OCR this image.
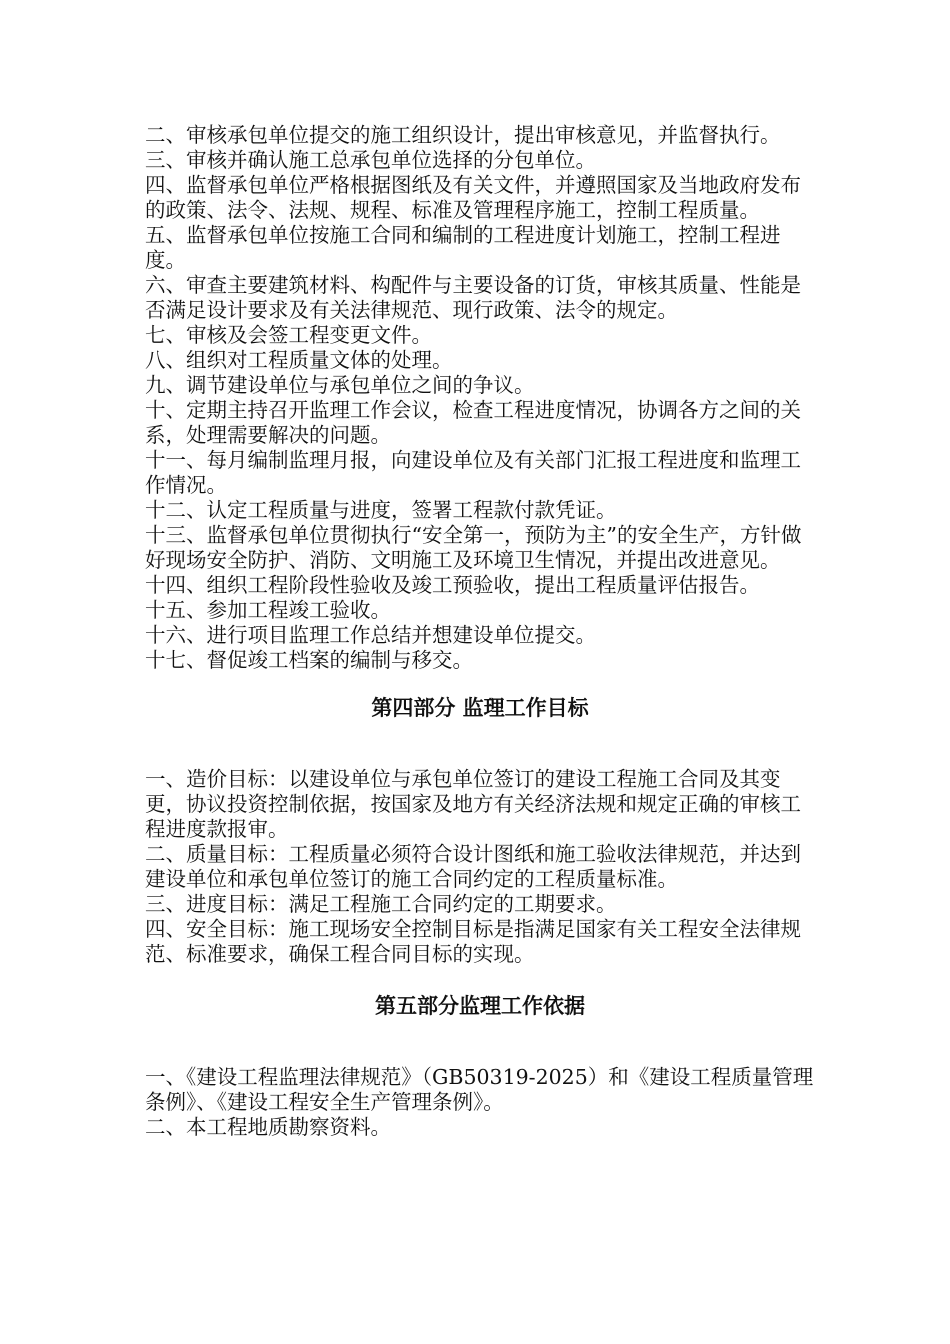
二、审核承包单位提交的施工组织设计，提出审核意见，并监督执行。

三、审核并确认施工总承包单位选择的分包单位。

四、监督承包单位严格根据图纸及有关文件，并遵照国家及当地政府发布的政策、法令、法规、规程、标准及管理程序施工，控制工程质量。

五、监督承包单位按施工合同和编制的工程进度计划施工，控制工程进度。

六、审查主要建筑材料、构配件与主要设备的订货，审核其质量、性能是否满足设计要求及有关法律规范、现行政策、法令的规定。

七、审核及会签工程变更文件。

八、组织对工程质量文体的处理。

九、调节建设单位与承包单位之间的争议。

十、定期主持召开监理工作会议，检查工程进度情况，协调各方之间的关系，处理需要解决的问题。

十一、每月编制监理月报，向建设单位及有关部门汇报工程进度和监理工作情况。

十二、认定工程质量与进度，签署工程款付款凭证。

十三、监督承包单位贯彻执行“安全第一，预防为主”的安全生产，方针做好现场安全防护、消防、文明施工及环境卫生情况，并提出改进意见。

十四、组织工程阶段性验收及竣工预验收，提出工程质量评估报告。

十五、参加工程竣工验收。

十六、进行项目监理工作总结并想建设单位提交。

十七、督促竣工档案的编制与移交。

第四部分 监理工作目标

一、造价目标：以建设单位与承包单位签订的建设工程施工合同及其变更，协议投资控制依据，按国家及地方有关经济法规和规定正确的审核工程进度款报审。

二、质量目标：工程质量必须符合设计图纸和施工验收法律规范，并达到建设单位和承包单位签订的施工合同约定的工程质量标准。

三、进度目标：满足工程施工合同约定的工期要求。

四、安全目标：施工现场安全控制目标是指满足国家有关工程安全法律规范、标准要求，确保工程合同目标的实现。

第五部分监理工作依据

一、《建设工程监理法律规范》（GB50319-2025）和《建设工程质量管理条例》、《建设工程安全生产管理条例》。

二、本工程地质勘察资料。
